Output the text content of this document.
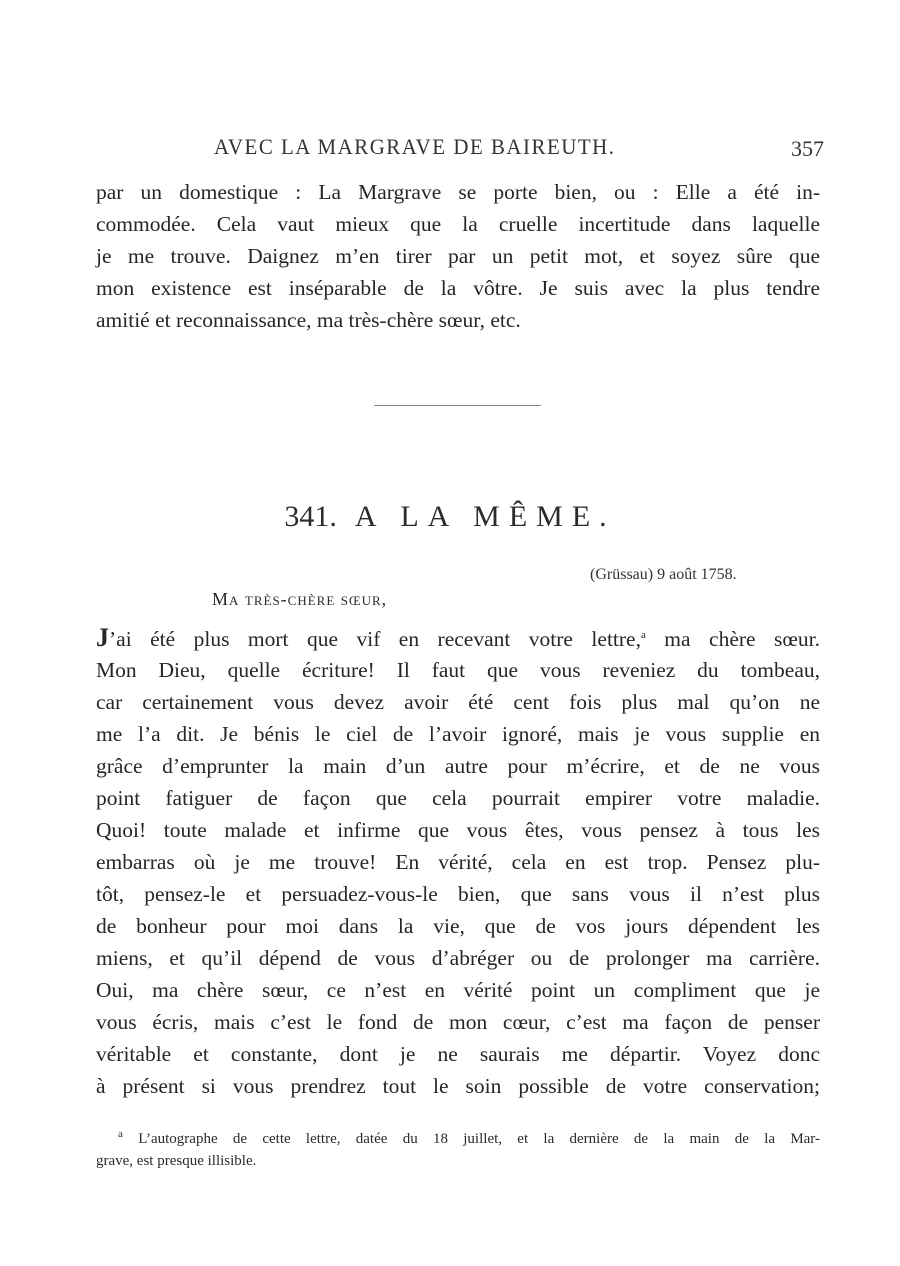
AVEC LA MARGRAVE DE BAIREUTH.	357
par un domestique : La Margrave se porte bien, ou : Elle a été in-
commodée. Cela vaut mieux que la cruelle incertitude dans laquelle
je me trouve. Daignez m’en tirer par un petit mot, et soyez sûre que
mon existence est inséparable de la vôtre. Je suis avec la plus tendre
amitié et reconnaissance, ma très-chère sœur, etc.
341. A LA MÊME.
(Grüssau) 9 août 1758.
Ma très-chère sœur,
J’ai été plus mort que vif en recevant votre lettre,$^a$ ma chère sœur.
Mon Dieu, quelle écriture! Il faut que vous reveniez du tombeau,
car certainement vous devez avoir été cent fois plus mal qu’on ne
me l’a dit. Je bénis le ciel de l’avoir ignoré, mais je vous supplie en
grâce d’emprunter la main d’un autre pour m’écrire, et de ne vous
point fatiguer de façon que cela pourrait empirer votre maladie.
Quoi! toute malade et infirme que vous êtes, vous pensez à tous les
embarras où je me trouve! En vérité, cela en est trop. Pensez plu-
tôt, pensez-le et persuadez-vous-le bien, que sans vous il n’est plus
de bonheur pour moi dans la vie, que de vos jours dépendent les
miens, et qu’il dépend de vous d’abréger ou de prolonger ma carrière.
Oui, ma chère sœur, ce n’est en vérité point un compliment que je
vous écris, mais c’est le fond de mon cœur, c’est ma façon de penser
véritable et constante, dont je ne saurais me départir. Voyez donc
à présent si vous prendrez tout le soin possible de votre conservation;
$^a$ L’autographe de cette lettre, datée du 18 juillet, et la dernière de la main de la Mar-
grave, est presque illisible.
